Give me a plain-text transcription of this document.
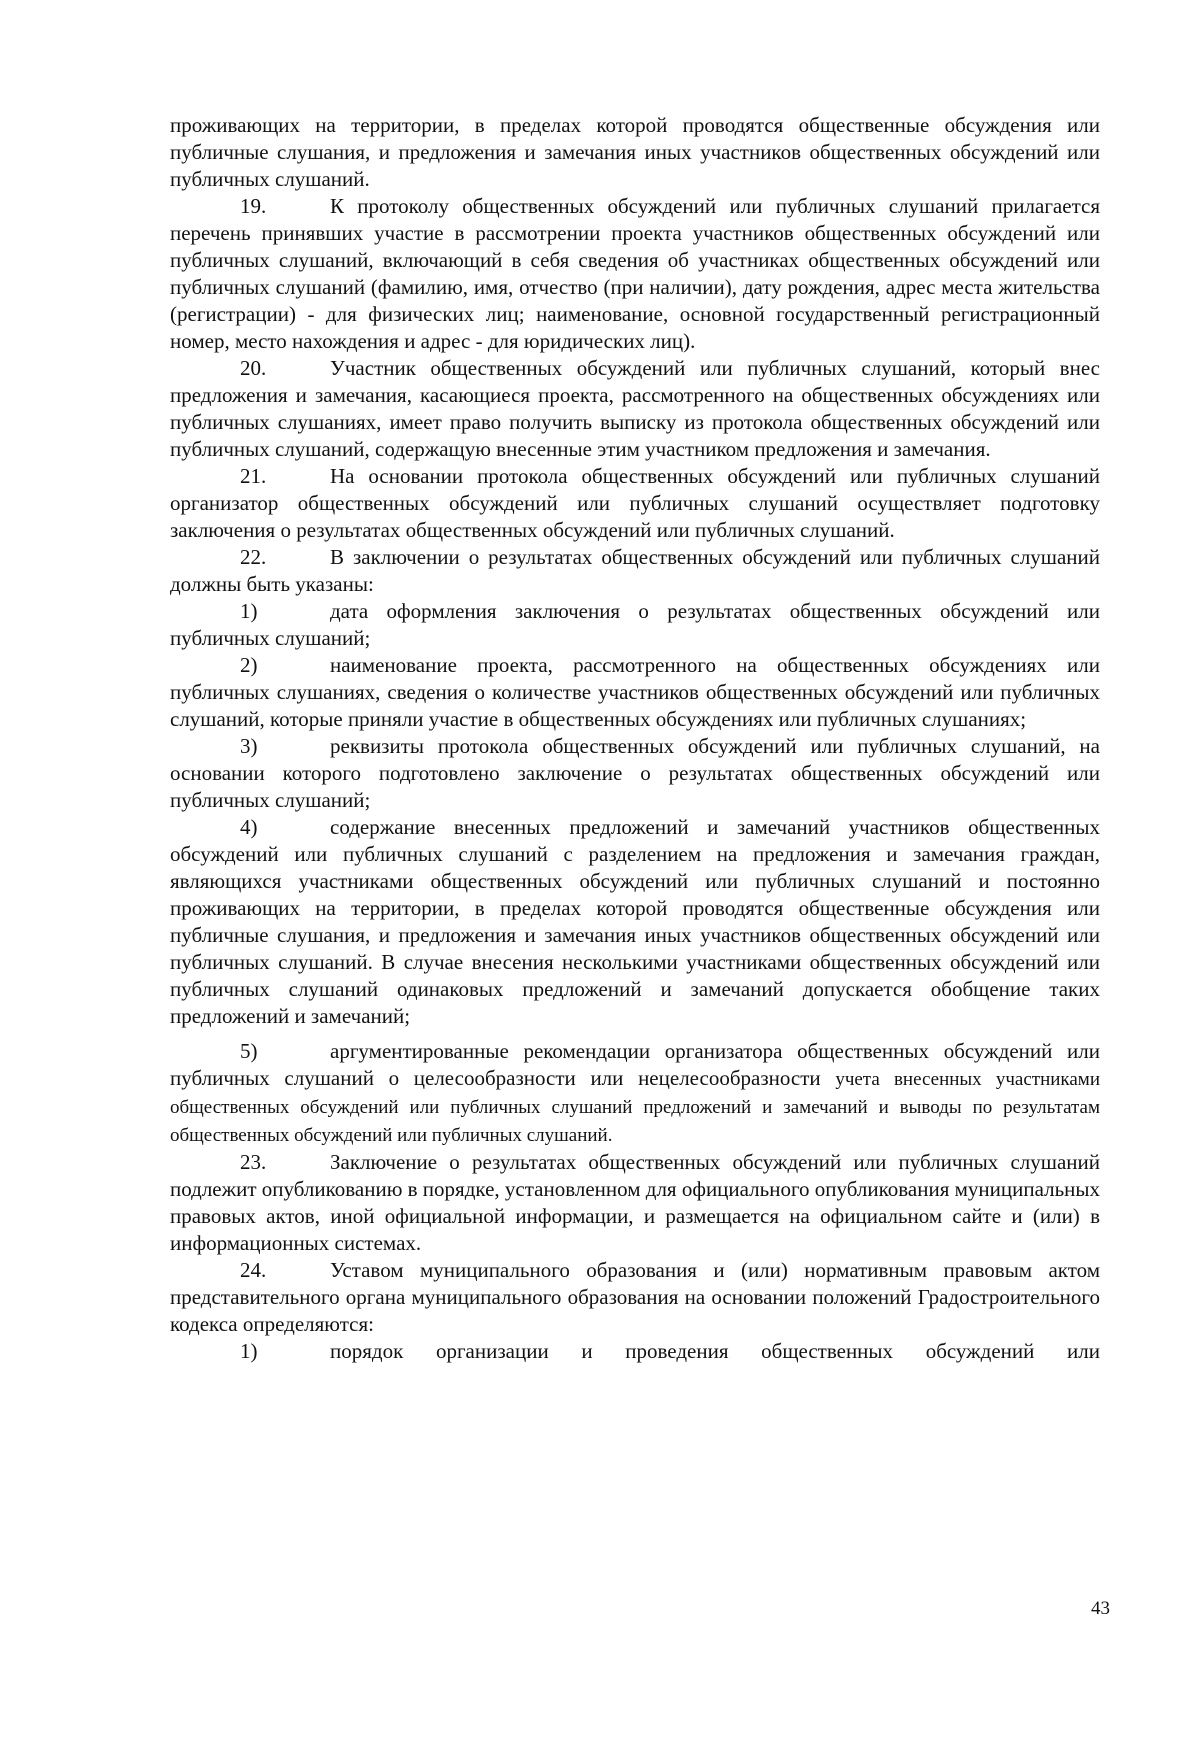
проживающих на территории, в пределах которой проводятся общественные обсуждения или публичные слушания, и предложения и замечания иных участников общественных обсуждений или публичных слушаний.

19.	К протоколу общественных обсуждений или публичных слушаний прилагается перечень принявших участие в рассмотрении проекта участников общественных обсуждений или публичных слушаний, включающий в себя сведения об участниках общественных обсуждений или публичных слушаний (фамилию, имя, отчество (при наличии), дату рождения, адрес места жительства (регистрации) - для физических лиц; наименование, основной государственный регистрационный номер, место нахождения и адрес - для юридических лиц).

20.	Участник общественных обсуждений или публичных слушаний, который внес предложения и замечания, касающиеся проекта, рассмотренного на общественных обсуждениях или публичных слушаниях, имеет право получить выписку из протокола общественных обсуждений или публичных слушаний, содержащую внесенные этим участником предложения и замечания.

21.	На основании протокола общественных обсуждений или публичных слушаний организатор общественных обсуждений или публичных слушаний осуществляет подготовку заключения о результатах общественных обсуждений или публичных слушаний.

22.	В заключении о результатах общественных обсуждений или публичных слушаний должны быть указаны:

1)	дата оформления заключения о результатах общественных обсуждений или публичных слушаний;

2)	наименование проекта, рассмотренного на общественных обсуждениях или публичных слушаниях, сведения о количестве участников общественных обсуждений или публичных слушаний, которые приняли участие в общественных обсуждениях или публичных слушаниях;

3)	реквизиты протокола общественных обсуждений или публичных слушаний, на основании которого подготовлено заключение о результатах общественных обсуждений или публичных слушаний;

4)	содержание внесенных предложений и замечаний участников общественных обсуждений или публичных слушаний с разделением на предложения и замечания граждан, являющихся участниками общественных обсуждений или публичных слушаний и постоянно проживающих на территории, в пределах которой проводятся общественные обсуждения или публичные слушания, и предложения и замечания иных участников общественных обсуждений или публичных слушаний. В случае внесения несколькими участниками общественных обсуждений или публичных слушаний одинаковых предложений и замечаний допускается обобщение таких предложений и замечаний;

5)	аргументированные рекомендации организатора общественных обсуждений или публичных слушаний о целесообразности или нецелесообразности учета внесенных участниками общественных обсуждений или публичных слушаний предложений и замечаний и выводы по результатам общественных обсуждений или публичных слушаний.

23.	Заключение о результатах общественных обсуждений или публичных слушаний подлежит опубликованию в порядке, установленном для официального опубликования муниципальных правовых актов, иной официальной информации, и размещается на официальном сайте и (или) в информационных системах.

24.	Уставом муниципального образования и (или) нормативным правовым актом представительного органа муниципального образования на основании положений Градостроительного кодекса определяются:

1)	порядок организации и проведения общественных обсуждений или

43
